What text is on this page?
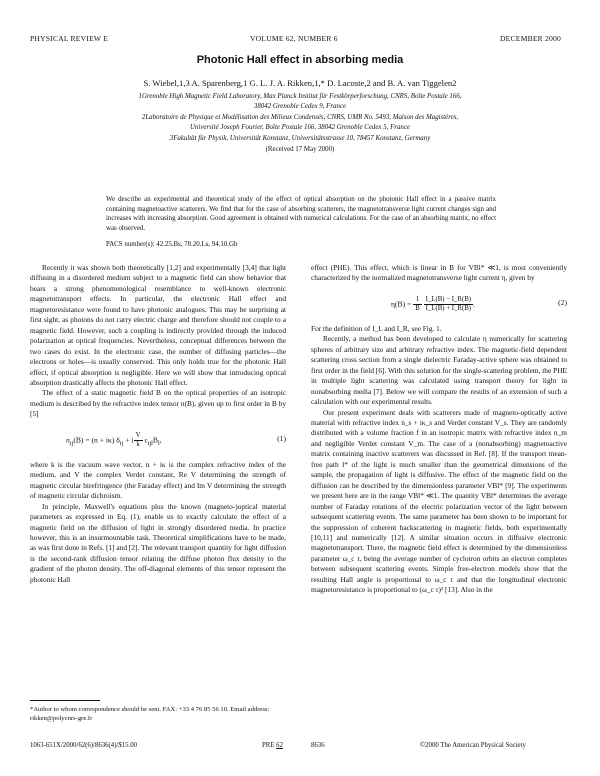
PHYSICAL REVIEW E	VOLUME 62, NUMBER 6	DECEMBER 2000
Photonic Hall effect in absorbing media
S. Wiebel,1,3 A. Sparenberg,1 G. L. J. A. Rikken,1,* D. Lacoste,2 and B. A. van Tiggelen2
1Grenoble High Magnetic Field Laboratory, Max Planck Institut für Festkörperforschung, CNRS, Boîte Postale 166,
38042 Grenoble Cedex 9, France
2Laboratoire de Physique et Modélisation des Milieux Condensés, CNRS, UMR No. 5493, Maison des Magistères,
Université Joseph Fourier, Boîte Postale 166, 38042 Grenoble Cedex 5, France
3Fakultät für Physik, Universität Konstanz, Universitätsstrasse 10, 78457 Konstanz, Germany
(Received 17 May 2000)
We describe an experimental and theoretical study of the effect of optical absorption on the photonic Hall effect in a passive matrix containing magnetoactive scatterers. We find that for the case of absorbing scatterers, the magnetotransverse light current changes sign and increases with increasing absorption. Good agreement is obtained with numerical calculations. For the case of an absorbing matrix, no effect was observed.
PACS number(s): 42.25.Bs, 78.20.Ls, 94.10.Gb

Recently it was shown both theoretically [1,2] and experimentally [3,4] that light diffusing in a disordered medium subject to a magnetic field can show behavior that bears a strong phenomenological resemblance to well-known electronic magnetotransport effects. In particular, the electronic Hall effect and magnetoresistance were found to have photonic analogues. This may be surprising at first sight, as photons do not carry electric charge and therefore should not couple to a magnetic field. However, such a coupling is indirectly provided through the induced polarization at optical frequencies. Nevertheless, conceptual differences between the two cases do exist. In the electronic case, the number of diffusing particles—the electrons or holes—is usually conserved. This only holds true for the photonic Hall effect, if optical absorption is negligible. Here we will show that introducing optical absorption drastically affects the photonic Hall effect.

The effect of a static magnetic field B on the optical properties of an isotropic medium is described by the refractive index tensor n(B), given up to first order in B by [5]

$n_{ij}(B) = (n + i\kappa) \delta_{ij} + i \frac{V}{k} \varepsilon_{ijl}B_l$,	(1)

where k is the vacuum wave vector, n + iκ is the complex refractive index of the medium, and V the complex Verdet constant, Re V determining the strength of magnetic circular birefringence (the Faraday effect) and Im V determining the strength of magnetic circular dichroism.

In principle, Maxwell's equations plus the known (magneto-)optical material parameters as expressed in Eq. (1), enable us to exactly calculate the effect of a magnetic field on the diffusion of light in strongly disordered media. In practice however, this is an insurmountable task. Theoretical simplifications have to be made, as was first done in Refs. [1] and [2]. The relevant transport quantity for light diffusion is the second-rank diffusion tensor relating the diffuse photon flux density to the gradient of the photon density. The off-diagonal elements of this tensor represent the photonic Hall

effect (PHE). This effect, which is linear in B for VBl* ≪1, is most conveniently characterized by the normalized magnetotransverse light current η, given by

$\eta(B) = \frac{1}{B}$
$\frac{I\_L(B) - I\_R(B)}{I\_L(B) + I\_R(B)}$ .	(2)

For the definition of I_L and I_R, see Fig. 1.

Recently, a method has been developed to calculate η numerically for scattering spheres of arbitrary size and arbitrary refractive index. The magnetic-field dependent scattering cross section from a single dielectric Faraday-active sphere was obtained to first order in the field [6]. With this solution for the single-scattering problem, the PHE in multiple light scattering was calculated using transport theory for light in nonabsorbing media [7]. Below we will compare the results of an extension of such a calculation with our experimental results.

Our present experiment deals with scatterers made of magneto-optically active material with refractive index n_s + iκ_s and Verdet constant V_s. They are randomly distributed with a volume fraction f in an isotropic matrix with refractive index n_m and negligible Verdet constant V_m. The case of a (nonabsorbing) magnetoactive matrix containing inactive scatterers was discussed in Ref. [8]. If the transport mean-free path l* of the light is much smaller than the geometrical dimensions of the sample, the propagation of light is diffusive. The effect of the magnetic field on the diffusion can be described by the dimensionless parameter VBl* [9]. The experiments we present here are in the range VBl* ≪1. The quantity VBl* determines the average number of Faraday rotations of the electric polarization vector of the light between subsequent scattering events. The same parameter has been shown to be important for the suppression of coherent backscattering in magnetic fields, both experimentally [10,11] and numerically [12]. A similar situation occurs in diffusive electronic magnetotransport. There, the magnetic field effect is determined by the dimensionless parameter ω_c τ, being the average number of cyclotron orbits an electron completes between subsequent scattering events. Simple free-electron models show that the resulting Hall angle is proportional to ω_c τ and that the longitudinal electronic magnetoresistance is proportional to (ω_c τ)² [13]. Also in the

*Author to whom correspondence should be sent. FAX: +33 4 76 85 56 10. Email address: rikken@polycnrs-gre.fr
1063-651X/2000/62(6)/8636(4)/$15.00	PRE 62	8636	©2000 The American Physical Society
